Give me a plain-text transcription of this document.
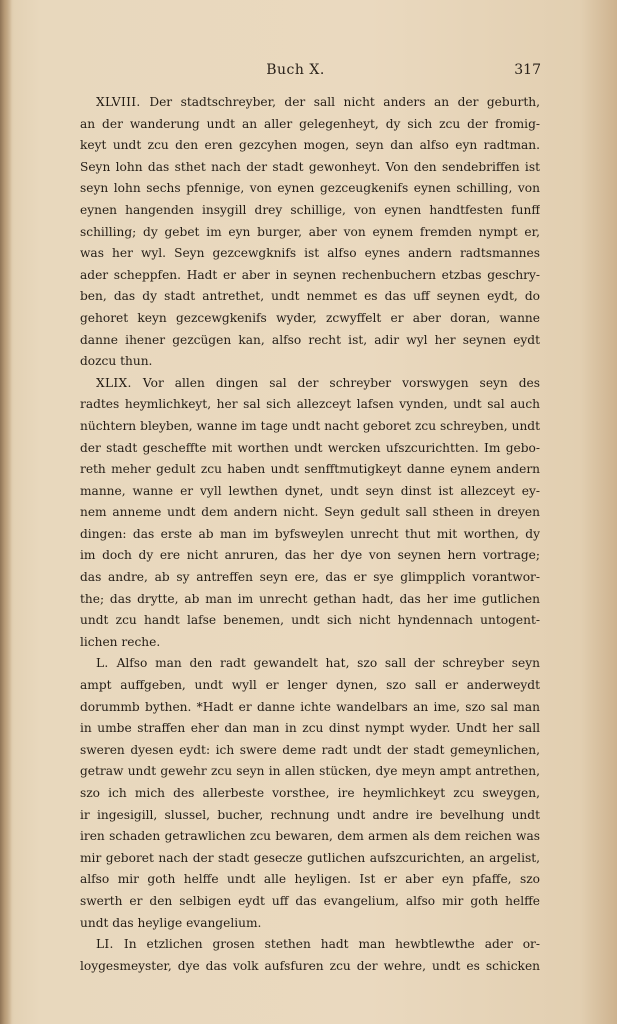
Buch X.	317
XLVIII. Der stadtschreyber, der sall nicht anders an der geburth,
an der wanderung undt an aller gelegenheyt, dy sich zcu der fromig-
keyt undt zcu den eren gezcyhen mogen, seyn dan alfso eyn radtman.
Seyn lohn das sthet nach der stadt gewonheyt. Von den sendebriffen ist
seyn lohn sechs pfennige, von eynen gezceugkenifs eynen schilling, von
eynen hangenden insygill drey schillige, von eynen handtfesten funff
schilling; dy gebet im eyn burger, aber von eynem fremden nympt er,
was her wyl. Seyn gezcewgknifs ist alfso eynes andern radtsmannes
ader scheppfen. Hadt er aber in seynen rechenbuchern etzbas geschry-
ben, das dy stadt antrethet, undt nemmet es das uff seynen eydt, do
gehoret keyn gezcewgkenifs wyder, zcwyffelt er aber doran, wanne
danne ihener gezcügen kan, alfso recht ist, adir wyl her seynen eydt
dozcu thun.
XLIX. Vor allen dingen sal der schreyber vorswygen seyn des
radtes heymlichkeyt, her sal sich allezceyt lafsen vynden, undt sal auch
nüchtern bleyben, wanne im tage undt nacht geboret zcu schreyben, undt
der stadt gescheffte mit worthen undt wercken ufszcurichtten. Im gebo-
reth meher gedult zcu haben undt senfftmutigkeyt danne eynem andern
manne, wanne er vyll lewthen dynet, undt seyn dinst ist allezceyt ey-
nem anneme undt dem andern nicht. Seyn gedult sall stheen in dreyen
dingen: das erste ab man im byfsweylen unrecht thut mit worthen, dy
im doch dy ere nicht anruren, das her dye von seynen hern vortrage;
das andre, ab sy antreffen seyn ere, das er sye glimpplich vorantwor-
the; das drytte, ab man im unrecht gethan hadt, das her ime gutlichen
undt zcu handt lafse benemen, undt sich nicht hyndennach untogent-
lichen reche.
L. Alfso man den radt gewandelt hat, szo sall der schreyber seyn
ampt auffgeben, undt wyll er lenger dynen, szo sall er anderweydt
dorummb bythen. *Hadt er danne ichte wandelbars an ime, szo sal man
in umbe straffen eher dan man in zcu dinst nympt wyder. Undt her sall
sweren dyesen eydt: ich swere deme radt undt der stadt gemeynlichen,
getraw undt gewehr zcu seyn in allen stücken, dye meyn ampt antrethen,
szo ich mich des allerbeste vorsthee, ire heymlichkeyt zcu sweygen,
ir ingesigill, slussel, bucher, rechnung undt andre ire bevelhung undt
iren schaden getrawlichen zcu bewaren, dem armen als dem reichen was
mir geboret nach der stadt gesecze gutlichen aufszcurichten, an argelist,
alfso mir goth helffe undt alle heyligen. Ist er aber eyn pfaffe, szo
swerth er den selbigen eydt uff das evangelium, alfso mir goth helffe
undt das heylige evangelium.
LI. In etzlichen grosen stethen hadt man hewbtlewthe ader or-
loygesmeyster, dye das volk aufsfuren zcu der wehre, undt es schicken
